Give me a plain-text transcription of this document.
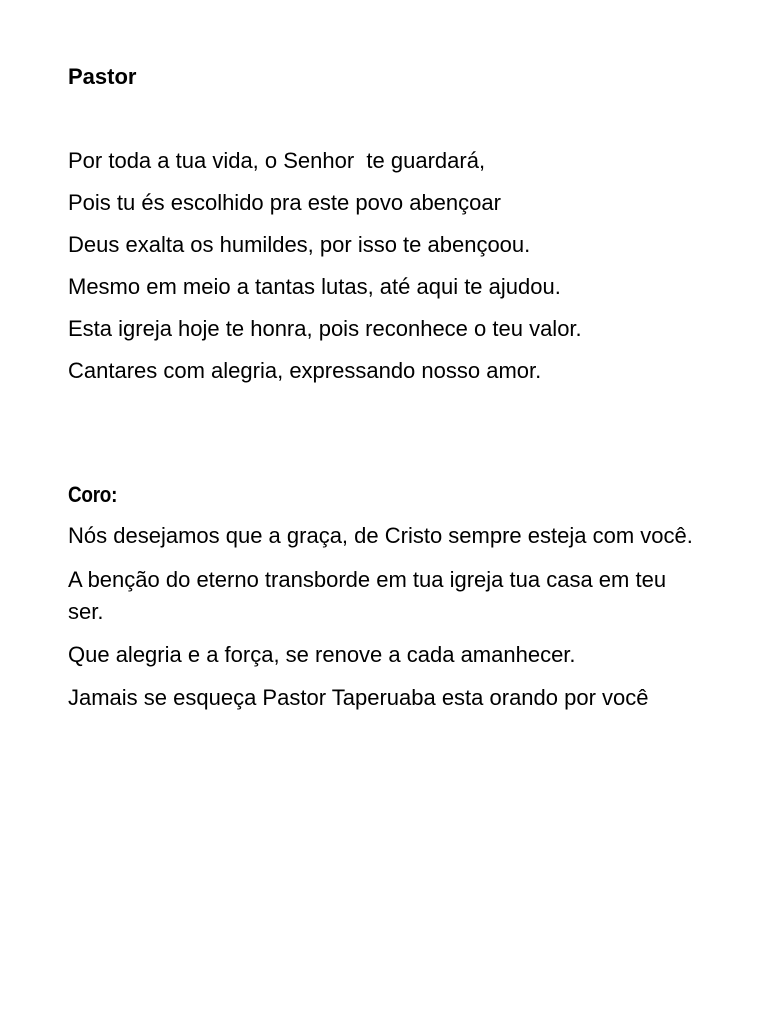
Pastor

Por toda a tua vida, o Senhor  te guardará,

Pois tu és escolhido pra este povo abençoar

Deus exalta os humildes, por isso te abençoou.

Mesmo em meio a tantas lutas, até aqui te ajudou.

Esta igreja hoje te honra, pois reconhece o teu valor.

Cantares com alegria, expressando nosso amor.

Coro:

Nós desejamos que a graça, de Cristo sempre esteja com você.

A benção do eterno transborde em tua igreja tua casa em teu ser.

Que alegria e a força, se renove a cada amanhecer.

Jamais se esqueça Pastor Taperuaba esta orando por você
